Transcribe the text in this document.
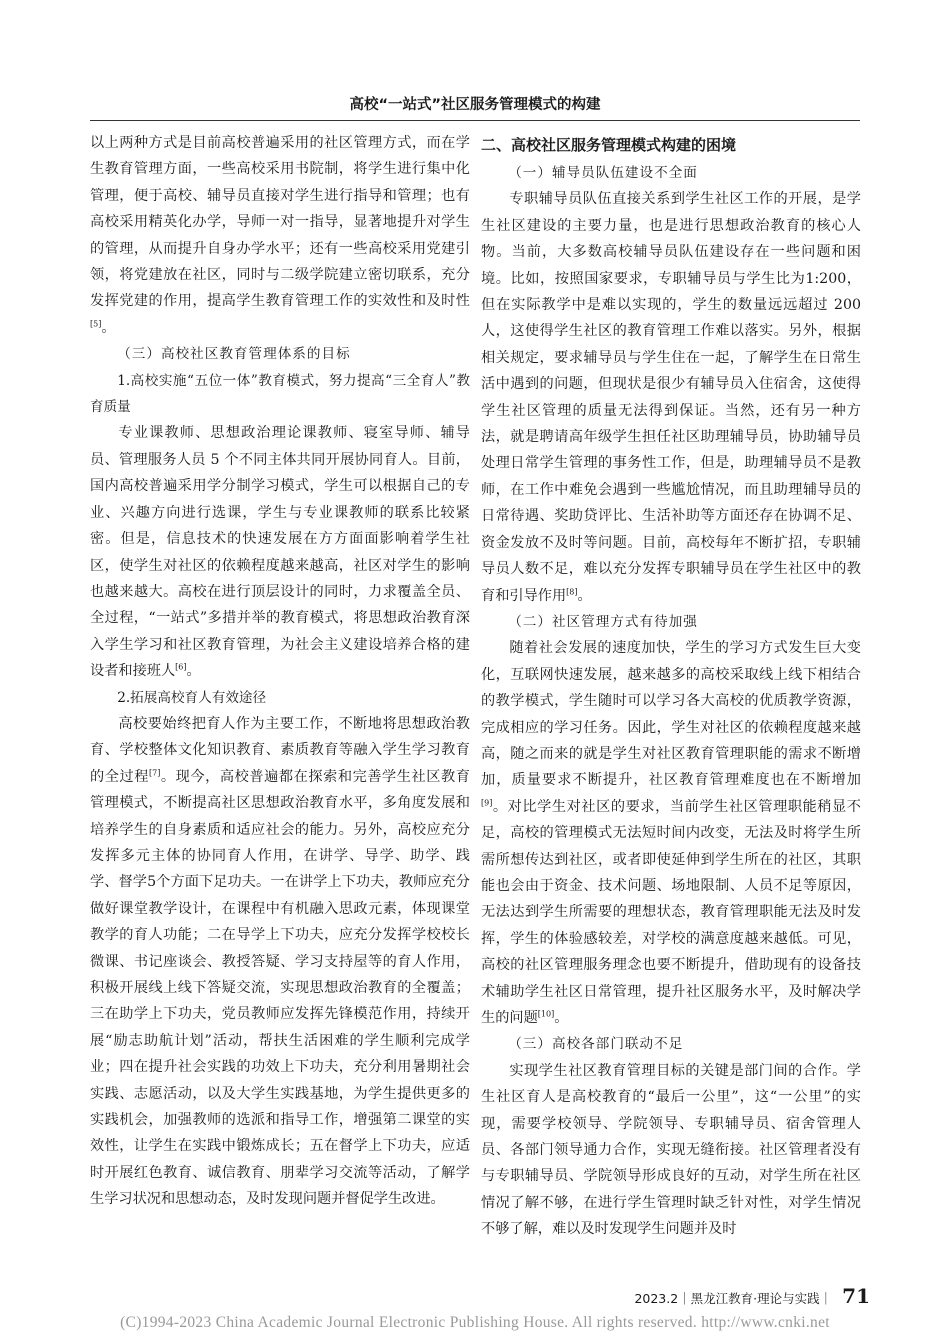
高校“一站式”社区服务管理模式的构建

以上两种方式是目前高校普遍采用的社区管理方式，而在学生教育管理方面，一些高校采用书院制，将学生进行集中化管理，便于高校、辅导员直接对学生进行指导和管理；也有高校采用精英化办学，导师一对一指导，显著地提升对学生的管理，从而提升自身办学水平；还有一些高校采用党建引领，将党建放在社区，同时与二级学院建立密切联系，充分发挥党建的作用，提高学生教育管理工作的实效性和及时性[5]。

（三）高校社区教育管理体系的目标

1.高校实施“五位一体”教育模式，努力提高“三全育人”教育质量

专业课教师、思想政治理论课教师、寝室导师、辅导员、管理服务人员 5 个不同主体共同开展协同育人。目前，国内高校普遍采用学分制学习模式，学生可以根据自己的专业、兴趣方向进行选课，学生与专业课教师的联系比较紧密。但是，信息技术的快速发展在方方面面影响着学生社区，使学生对社区的依赖程度越来越高，社区对学生的影响也越来越大。高校在进行顶层设计的同时，力求覆盖全员、全过程，“一站式”多措并举的教育模式，将思想政治教育深入学生学习和社区教育管理，为社会主义建设培养合格的建设者和接班人[6]。

2.拓展高校育人有效途径

高校要始终把育人作为主要工作，不断地将思想政治教育、学校整体文化知识教育、素质教育等融入学生学习教育的全过程[7]。现今，高校普遍都在探索和完善学生社区教育管理模式，不断提高社区思想政治教育水平，多角度发展和培养学生的自身素质和适应社会的能力。另外，高校应充分发挥多元主体的协同育人作用，在讲学、导学、助学、践学、督学5个方面下足功夫。一在讲学上下功夫，教师应充分做好课堂教学设计，在课程中有机融入思政元素，体现课堂教学的育人功能；二在导学上下功夫，应充分发挥学校校长微课、书记座谈会、教授答疑、学习支持屋等的育人作用，积极开展线上线下答疑交流，实现思想政治教育的全覆盖；三在助学上下功夫，党员教师应发挥先锋模范作用，持续开展“励志助航计划”活动，帮扶生活困难的学生顺利完成学业；四在提升社会实践的功效上下功夫，充分利用暑期社会实践、志愿活动，以及大学生实践基地，为学生提供更多的实践机会，加强教师的选派和指导工作，增强第二课堂的实效性，让学生在实践中锻炼成长；五在督学上下功夫，应适时开展红色教育、诚信教育、朋辈学习交流等活动，了解学生学习状况和思想动态，及时发现问题并督促学生改进。

二、高校社区服务管理模式构建的困境

（一）辅导员队伍建设不全面

专职辅导员队伍直接关系到学生社区工作的开展，是学生社区建设的主要力量，也是进行思想政治教育的核心人物。当前，大多数高校辅导员队伍建设存在一些问题和困境。比如，按照国家要求，专职辅导员与学生比为1:200，但在实际教学中是难以实现的，学生的数量远远超过 200 人，这使得学生社区的教育管理工作难以落实。另外，根据相关规定，要求辅导员与学生住在一起，了解学生在日常生活中遇到的问题，但现状是很少有辅导员入住宿舍，这使得学生社区管理的质量无法得到保证。当然，还有另一种方法，就是聘请高年级学生担任社区助理辅导员，协助辅导员处理日常学生管理的事务性工作，但是，助理辅导员不是教师，在工作中难免会遇到一些尴尬情况，而且助理辅导员的日常待遇、奖助贷评比、生活补助等方面还存在协调不足、资金发放不及时等问题。目前，高校每年不断扩招，专职辅导员人数不足，难以充分发挥专职辅导员在学生社区中的教育和引导作用[8]。

（二）社区管理方式有待加强

随着社会发展的速度加快，学生的学习方式发生巨大变化，互联网快速发展，越来越多的高校采取线上线下相结合的教学模式，学生随时可以学习各大高校的优质教学资源，完成相应的学习任务。因此，学生对社区的依赖程度越来越高，随之而来的就是学生对社区教育管理职能的需求不断增加，质量要求不断提升，社区教育管理难度也在不断增加[9]。对比学生对社区的要求，当前学生社区管理职能稍显不足，高校的管理模式无法短时间内改变，无法及时将学生所需所想传达到社区，或者即使延伸到学生所在的社区，其职能也会由于资金、技术问题、场地限制、人员不足等原因，无法达到学生所需要的理想状态，教育管理职能无法及时发挥，学生的体验感较差，对学校的满意度越来越低。可见，高校的社区管理服务理念也要不断提升，借助现有的设备技术辅助学生社区日常管理，提升社区服务水平，及时解决学生的问题[10]。

（三）高校各部门联动不足

实现学生社区教育管理目标的关键是部门间的合作。学生社区育人是高校教育的“最后一公里”，这“一公里”的实现，需要学校领导、学院领导、专职辅导员、宿舍管理人员、各部门领导通力合作，实现无缝衔接。社区管理者没有与专职辅导员、学院领导形成良好的互动，对学生所在社区情况了解不够，在进行学生管理时缺乏针对性，对学生情况不够了解，难以及时发现学生问题并及时

2023.2｜黑龙江教育·理论与实践｜ 71
(C)1994-2023 China Academic Journal Electronic Publishing House. All rights reserved. http://www.cnki.net
